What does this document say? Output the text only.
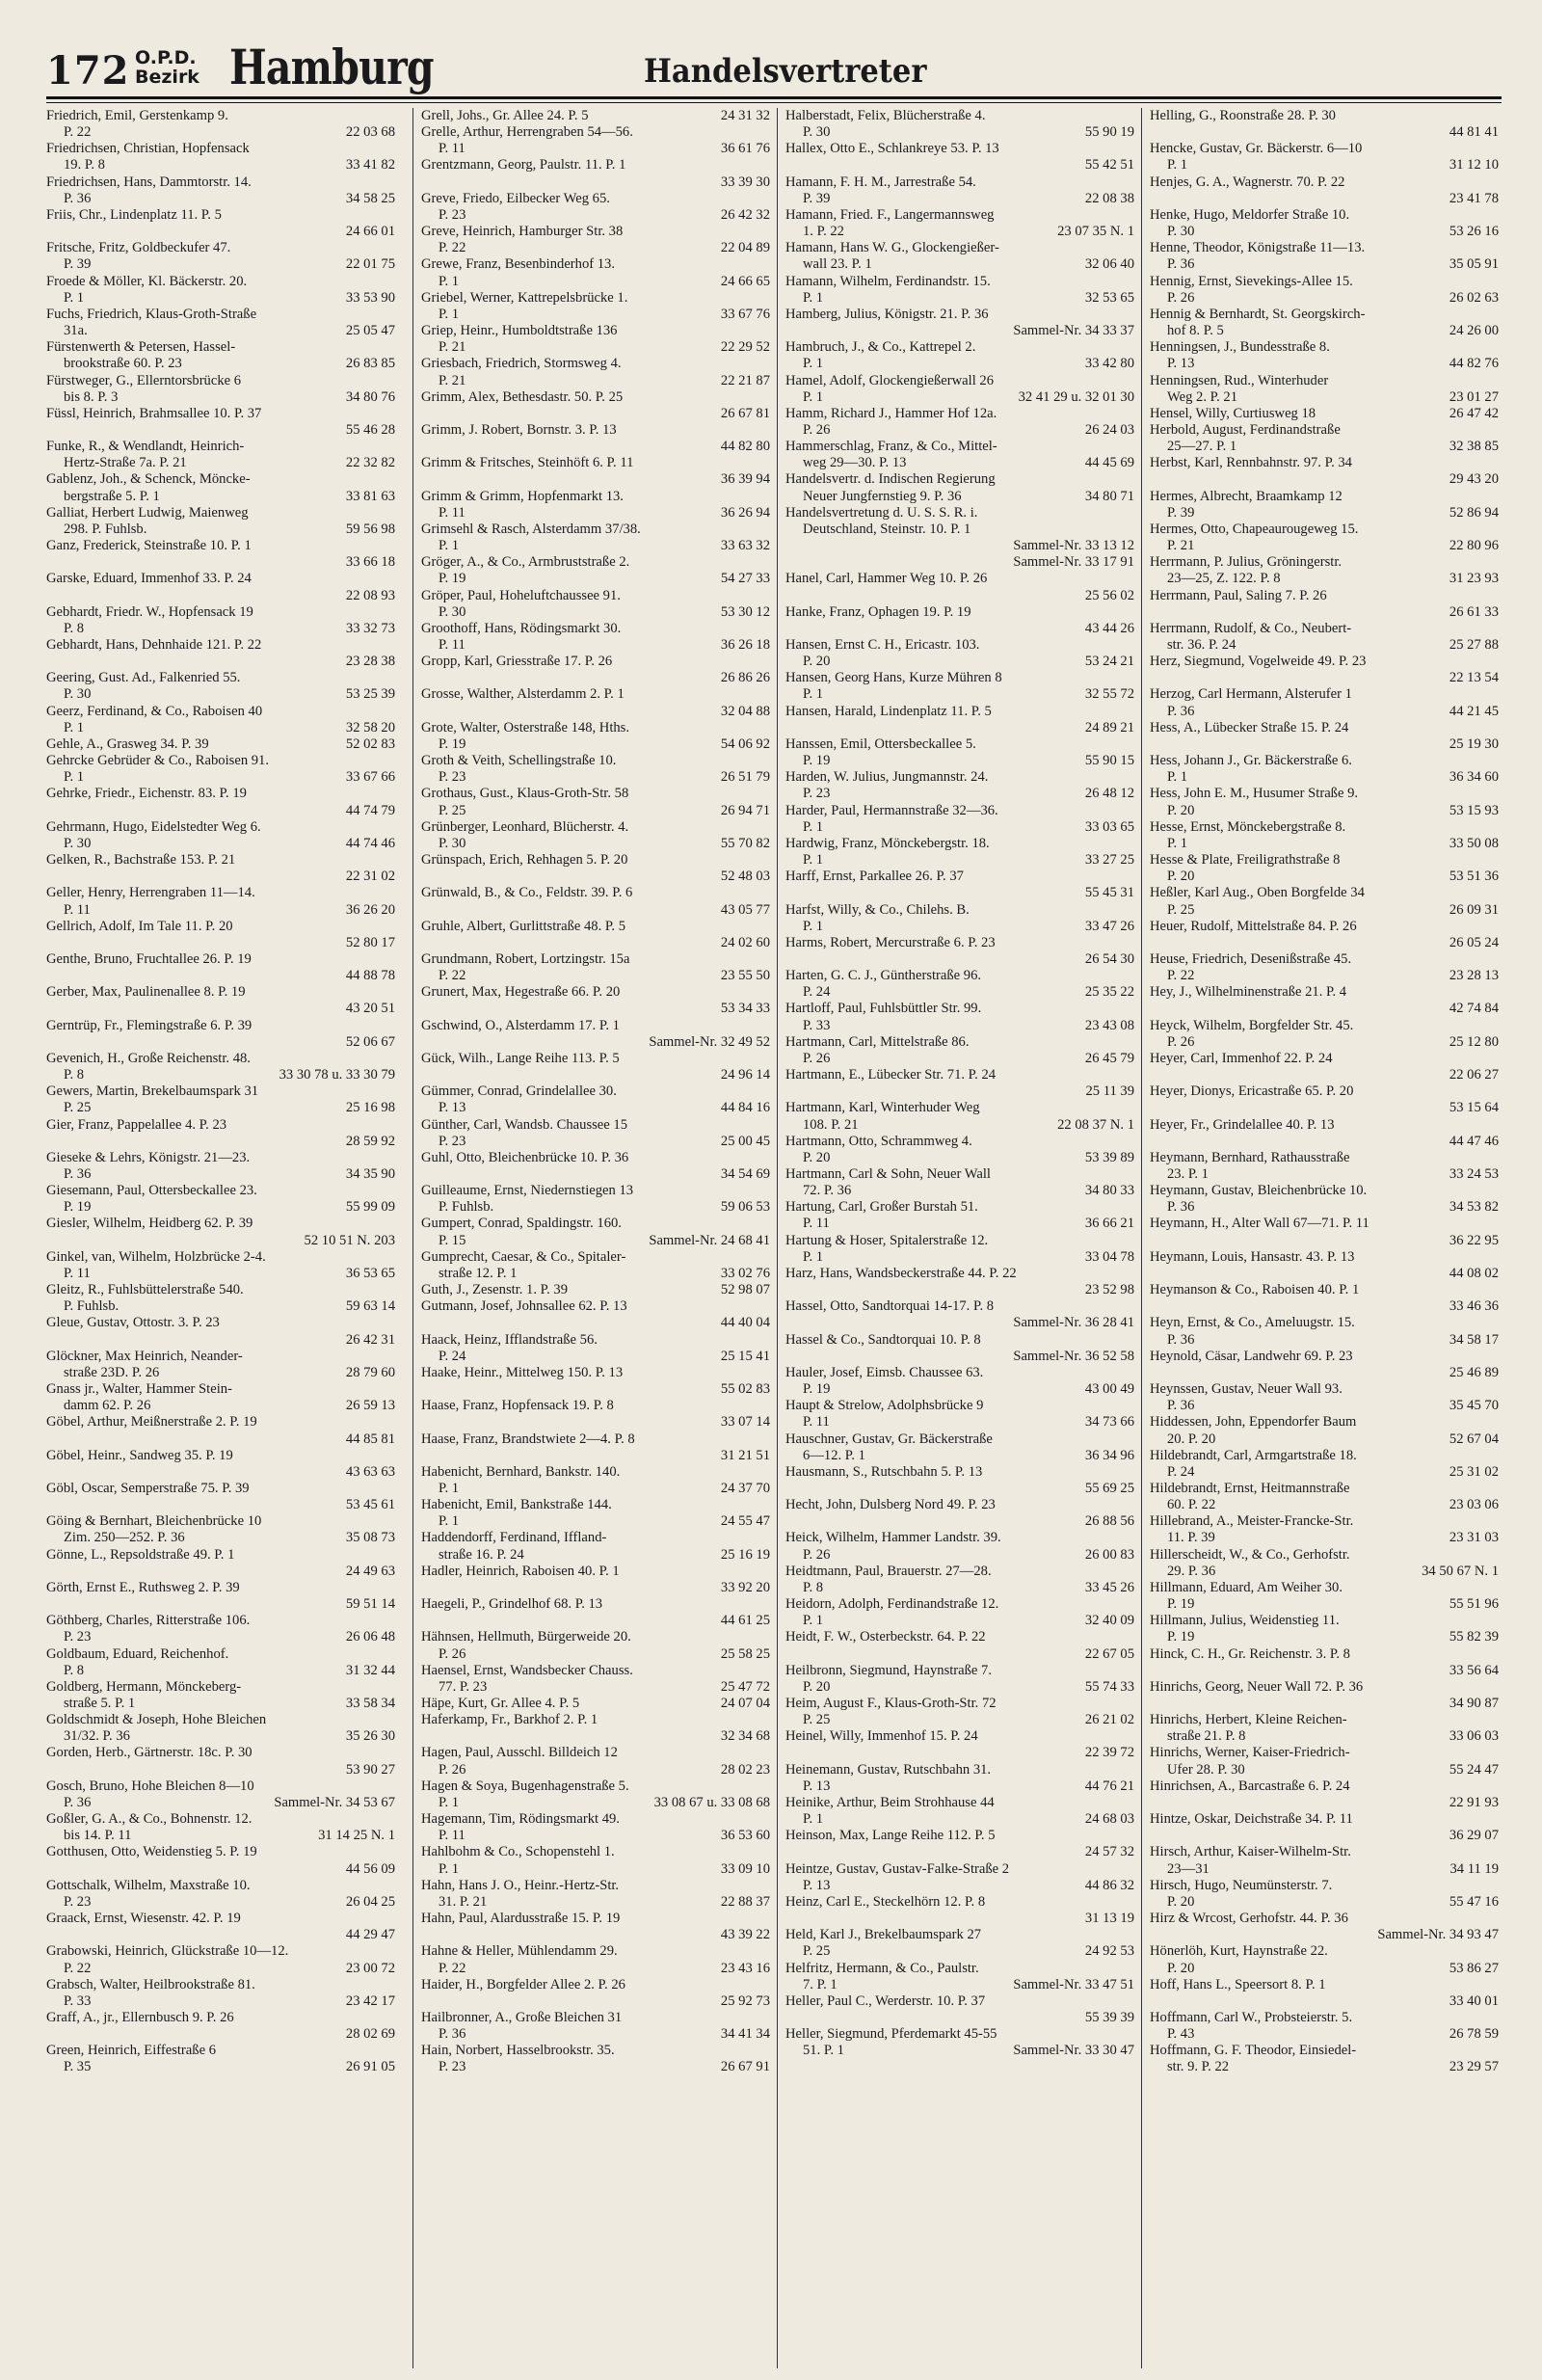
172 O.P.D.
Bezirk Hamburg	Handelsvertreter
Friedrich, Emil, Gerstenkamp 9.
P. 22	22 03 68
Friedrichsen, Christian, Hopfensack
19. P. 8	33 41 82
Friedrichsen, Hans, Dammtorstr. 14.
P. 36	34 58 25
Friis, Chr., Lindenplatz 11. P. 5
24 66 01
Fritsche, Fritz, Goldbeckufer 47.
P. 39	22 01 75
Froede & Möller, Kl. Bäckerstr. 20.
P. 1	33 53 90
Fuchs, Friedrich, Klaus-Groth-Straße
31a.	25 05 47
Fürstenwerth & Petersen, Hassel-
brookstraße 60. P. 23	26 83 85
Fürstweger, G., Ellerntorsbrücke 6
bis 8. P. 3	34 80 76
Füssl, Heinrich, Brahmsallee 10. P. 37
55 46 28
Funke, R., & Wendlandt, Heinrich-
Hertz-Straße 7a. P. 21	22 32 82
Gablenz, Joh., & Schenck, Möncke-
bergstraße 5. P. 1	33 81 63
Galliat, Herbert Ludwig, Maienweg
298. P. Fuhlsb.	59 56 98
Ganz, Frederick, Steinstraße 10. P. 1
33 66 18
Garske, Eduard, Immenhof 33. P. 24
22 08 93
Gebhardt, Friedr. W., Hopfensack 19
P. 8	33 32 73
Gebhardt, Hans, Dehnhaide 121. P. 22
23 28 38
Geering, Gust. Ad., Falkenried 55.
P. 30	53 25 39
Geerz, Ferdinand, & Co., Raboisen 40
P. 1	32 58 20
Gehle, A., Grasweg 34. P. 39	52 02 83
Gehrcke Gebrüder & Co., Raboisen 91.
P. 1	33 67 66
Gehrke, Friedr., Eichenstr. 83. P. 19
44 74 79
Gehrmann, Hugo, Eidelstedter Weg 6.
P. 30	44 74 46
Gelken, R., Bachstraße 153. P. 21
22 31 02
Geller, Henry, Herrengraben 11—14.
P. 11	36 26 20
Gellrich, Adolf, Im Tale 11. P. 20
52 80 17
Genthe, Bruno, Fruchtallee 26. P. 19
44 88 78
Gerber, Max, Paulinenallee 8. P. 19
43 20 51
Gerntrüp, Fr., Flemingstraße 6. P. 39
52 06 67
Gevenich, H., Große Reichenstr. 48.
P. 8	33 30 78 u. 33 30 79
Gewers, Martin, Brekelbaumspark 31
P. 25	25 16 98
Gier, Franz, Pappelallee 4. P. 23
28 59 92
Gieseke & Lehrs, Königstr. 21—23.
P. 36	34 35 90
Giesemann, Paul, Ottersbeckallee 23.
P. 19	55 99 09
Giesler, Wilhelm, Heidberg 62. P. 39
52 10 51 N. 203
Ginkel, van, Wilhelm, Holzbrücke 2-4.
P. 11	36 53 65
Gleitz, R., Fuhlsbüttelerstraße 540.
P. Fuhlsb.	59 63 14
Gleue, Gustav, Ottostr. 3. P. 23
26 42 31
Glöckner, Max Heinrich, Neander-
straße 23D. P. 26	28 79 60
Gnass jr., Walter, Hammer Stein-
damm 62. P. 26	26 59 13
Göbel, Arthur, Meißnerstraße 2. P. 19
44 85 81
Göbel, Heinr., Sandweg 35. P. 19
43 63 63
Göbl, Oscar, Semperstraße 75. P. 39
53 45 61
Göing & Bernhart, Bleichenbrücke 10
Zim. 250—252. P. 36	35 08 73
Gönne, L., Repsoldstraße 49. P. 1
24 49 63
Görth, Ernst E., Ruthsweg 2. P. 39
59 51 14
Göthberg, Charles, Ritterstraße 106.
P. 23	26 06 48
Goldbaum, Eduard, Reichenhof.
P. 8	31 32 44
Goldberg, Hermann, Mönckeberg-
straße 5. P. 1	33 58 34
Goldschmidt & Joseph, Hohe Bleichen
31/32. P. 36	35 26 30
Gorden, Herb., Gärtnerstr. 18c. P. 30
53 90 27
Gosch, Bruno, Hohe Bleichen 8—10
P. 36	Sammel-Nr. 34 53 67
Goßler, G. A., & Co., Bohnenstr. 12.
bis 14. P. 11	31 14 25 N. 1
Gotthusen, Otto, Weidenstieg 5. P. 19
44 56 09
Gottschalk, Wilhelm, Maxstraße 10.
P. 23	26 04 25
Graack, Ernst, Wiesenstr. 42. P. 19
44 29 47
Grabowski, Heinrich, Glückstraße 10—12.
P. 22	23 00 72
Grabsch, Walter, Heilbrookstraße 81.
P. 33	23 42 17
Graff, A., jr., Ellernbusch 9. P. 26
28 02 69
Green, Heinrich, Eiffestraße 6
P. 35	26 91 05
Grell, Johs., Gr. Allee 24. P. 5	24 31 32
Grelle, Arthur, Herrengraben 54—56.
P. 11	36 61 76
Grentzmann, Georg, Paulstr. 11. P. 1
33 39 30
Greve, Friedo, Eilbecker Weg 65.
P. 23	26 42 32
Greve, Heinrich, Hamburger Str. 38
P. 22	22 04 89
Grewe, Franz, Besenbinderhof 13.
P. 1	24 66 65
Griebel, Werner, Kattrepelsbrücke 1.
P. 1	33 67 76
Griep, Heinr., Humboldtstraße 136
P. 21	22 29 52
Griesbach, Friedrich, Stormsweg 4.
P. 21	22 21 87
Grimm, Alex, Bethesdastr. 50. P. 25
26 67 81
Grimm, J. Robert, Bornstr. 3. P. 13
44 82 80
Grimm & Fritsches, Steinhöft 6. P. 11
36 39 94
Grimm & Grimm, Hopfenmarkt 13.
P. 11	36 26 94
Grimsehl & Rasch, Alsterdamm 37/38.
P. 1	33 63 32
Gröger, A., & Co., Armbruststraße 2.
P. 19	54 27 33
Gröper, Paul, Hoheluftchaussee 91.
P. 30	53 30 12
Groothoff, Hans, Rödingsmarkt 30.
P. 11	36 26 18
Gropp, Karl, Griesstraße 17. P. 26
26 86 26
Grosse, Walther, Alsterdamm 2. P. 1
32 04 88
Grote, Walter, Osterstraße 148, Hths.
P. 19	54 06 92
Groth & Veith, Schellingstraße 10.
P. 23	26 51 79
Grothaus, Gust., Klaus-Groth-Str. 58
P. 25	26 94 71
Grünberger, Leonhard, Blücherstr. 4.
P. 30	55 70 82
Grünspach, Erich, Rehhagen 5. P. 20
52 48 03
Grünwald, B., & Co., Feldstr. 39. P. 6
43 05 77
Gruhle, Albert, Gurlittstraße 48. P. 5
24 02 60
Grundmann, Robert, Lortzingstr. 15a
P. 22	23 55 50
Grunert, Max, Hegestraße 66. P. 20
53 34 33
Gschwind, O., Alsterdamm 17. P. 1
Sammel-Nr. 32 49 52
Gück, Wilh., Lange Reihe 113. P. 5
24 96 14
Gümmer, Conrad, Grindelallee 30.
P. 13	44 84 16
Günther, Carl, Wandsb. Chaussee 15
P. 23	25 00 45
Guhl, Otto, Bleichenbrücke 10. P. 36
34 54 69
Guilleaume, Ernst, Niedernstiegen 13
P. Fuhlsb.	59 06 53
Gumpert, Conrad, Spaldingstr. 160.
P. 15	Sammel-Nr. 24 68 41
Gumprecht, Caesar, & Co., Spitaler-
straße 12. P. 1	33 02 76
Guth, J., Zesenstr. 1. P. 39	52 98 07
Gutmann, Josef, Johnsallee 62. P. 13
44 40 04
Haack, Heinz, Ifflandstraße 56.
P. 24	25 15 41
Haake, Heinr., Mittelweg 150. P. 13
55 02 83
Haase, Franz, Hopfensack 19. P. 8
33 07 14
Haase, Franz, Brandstwiete 2—4. P. 8
31 21 51
Habenicht, Bernhard, Bankstr. 140.
P. 1	24 37 70
Habenicht, Emil, Bankstraße 144.
P. 1	24 55 47
Haddendorff, Ferdinand, Iffland-
straße 16. P. 24	25 16 19
Hadler, Heinrich, Raboisen 40. P. 1
33 92 20
Haegeli, P., Grindelhof 68. P. 13
44 61 25
Hähnsen, Hellmuth, Bürgerweide 20.
P. 26	25 58 25
Haensel, Ernst, Wandsbecker Chauss.
77. P. 23	25 47 72
Häpe, Kurt, Gr. Allee 4. P. 5	24 07 04
Haferkamp, Fr., Barkhof 2. P. 1
32 34 68
Hagen, Paul, Ausschl. Billdeich 12
P. 26	28 02 23
Hagen & Soya, Bugenhagenstraße 5.
P. 1	33 08 67 u. 33 08 68
Hagemann, Tim, Rödingsmarkt 49.
P. 11	36 53 60
Hahlbohm & Co., Schopenstehl 1.
P. 1	33 09 10
Hahn, Hans J. O., Heinr.-Hertz-Str.
31. P. 21	22 88 37
Hahn, Paul, Alardusstraße 15. P. 19
43 39 22
Hahne & Heller, Mühlendamm 29.
P. 22	23 43 16
Haider, H., Borgfelder Allee 2. P. 26
25 92 73
Hailbronner, A., Große Bleichen 31
P. 36	34 41 34
Hain, Norbert, Hasselbrookstr. 35.
P. 23	26 67 91
Halberstadt, Felix, Blücherstraße 4.
P. 30	55 90 19
Hallex, Otto E., Schlankreye 53. P. 13
55 42 51
Hamann, F. H. M., Jarrestraße 54.
P. 39	22 08 38
Hamann, Fried. F., Langermannsweg
1. P. 22	23 07 35 N. 1
Hamann, Hans W. G., Glockengießer-
wall 23. P. 1	32 06 40
Hamann, Wilhelm, Ferdinandstr. 15.
P. 1	32 53 65
Hamberg, Julius, Königstr. 21. P. 36
Sammel-Nr. 34 33 37
Hambruch, J., & Co., Kattrepel 2.
P. 1	33 42 80
Hamel, Adolf, Glockengießerwall 26
P. 1	32 41 29 u. 32 01 30
Hamm, Richard J., Hammer Hof 12a.
P. 26	26 24 03
Hammerschlag, Franz, & Co., Mittel-
weg 29—30. P. 13	44 45 69
Handelsvertr. d. Indischen Regierung
Neuer Jungfernstieg 9. P. 36	34 80 71
Handelsvertretung d. U. S. S. R. i.
Deutschland, Steinstr. 10. P. 1
Sammel-Nr. 33 13 12
Sammel-Nr. 33 17 91
Hanel, Carl, Hammer Weg 10. P. 26
25 56 02
Hanke, Franz, Ophagen 19. P. 19
43 44 26
Hansen, Ernst C. H., Ericastr. 103.
P. 20	53 24 21
Hansen, Georg Hans, Kurze Mühren 8
P. 1	32 55 72
Hansen, Harald, Lindenplatz 11. P. 5
24 89 21
Hanssen, Emil, Ottersbeckallee 5.
P. 19	55 90 15
Harden, W. Julius, Jungmannstr. 24.
P. 23	26 48 12
Harder, Paul, Hermannstraße 32—36.
P. 1	33 03 65
Hardwig, Franz, Mönckebergstr. 18.
P. 1	33 27 25
Harff, Ernst, Parkallee 26. P. 37
55 45 31
Harfst, Willy, & Co., Chilehs. B.
P. 1	33 47 26
Harms, Robert, Mercurstraße 6. P. 23
26 54 30
Harten, G. C. J., Güntherstraße 96.
P. 24	25 35 22
Hartloff, Paul, Fuhlsbüttler Str. 99.
P. 33	23 43 08
Hartmann, Carl, Mittelstraße 86.
P. 26	26 45 79
Hartmann, E., Lübecker Str. 71. P. 24
25 11 39
Hartmann, Karl, Winterhuder Weg
108. P. 21	22 08 37 N. 1
Hartmann, Otto, Schrammweg 4.
P. 20	53 39 89
Hartmann, Carl & Sohn, Neuer Wall
72. P. 36	34 80 33
Hartung, Carl, Großer Burstah 51.
P. 11	36 66 21
Hartung & Hoser, Spitalerstraße 12.
P. 1	33 04 78
Harz, Hans, Wandsbeckerstraße 44. P. 22
23 52 98
Hassel, Otto, Sandtorquai 14-17. P. 8
Sammel-Nr. 36 28 41
Hassel & Co., Sandtorquai 10. P. 8
Sammel-Nr. 36 52 58
Hauler, Josef, Eimsb. Chaussee 63.
P. 19	43 00 49
Haupt & Strelow, Adolphsbrücke 9
P. 11	34 73 66
Hauschner, Gustav, Gr. Bäckerstraße
6—12. P. 1	36 34 96
Hausmann, S., Rutschbahn 5. P. 13
55 69 25
Hecht, John, Dulsberg Nord 49. P. 23
26 88 56
Heick, Wilhelm, Hammer Landstr. 39.
P. 26	26 00 83
Heidtmann, Paul, Brauerstr. 27—28.
P. 8	33 45 26
Heidorn, Adolph, Ferdinandstraße 12.
P. 1	32 40 09
Heidt, F. W., Osterbeckstr. 64. P. 22
22 67 05
Heilbronn, Siegmund, Haynstraße 7.
P. 20	55 74 33
Heim, August F., Klaus-Groth-Str. 72
P. 25	26 21 02
Heinel, Willy, Immenhof 15. P. 24
22 39 72
Heinemann, Gustav, Rutschbahn 31.
P. 13	44 76 21
Heinike, Arthur, Beim Strohhause 44
P. 1	24 68 03
Heinson, Max, Lange Reihe 112. P. 5
24 57 32
Heintze, Gustav, Gustav-Falke-Straße 2
P. 13	44 86 32
Heinz, Carl E., Steckelhörn 12. P. 8
31 13 19
Held, Karl J., Brekelbaumspark 27
P. 25	24 92 53
Helfritz, Hermann, & Co., Paulstr.
7. P. 1	Sammel-Nr. 33 47 51
Heller, Paul C., Werderstr. 10. P. 37
55 39 39
Heller, Siegmund, Pferdemarkt 45-55
51. P. 1	Sammel-Nr. 33 30 47
Helling, G., Roonstraße 28. P. 30
44 81 41
Hencke, Gustav, Gr. Bäckerstr. 6—10
P. 1	31 12 10
Henjes, G. A., Wagnerstr. 70. P. 22
23 41 78
Henke, Hugo, Meldorfer Straße 10.
P. 30	53 26 16
Henne, Theodor, Königstraße 11—13.
P. 36	35 05 91
Hennig, Ernst, Sievekings-Allee 15.
P. 26	26 02 63
Hennig & Bernhardt, St. Georgskirch-
hof 8. P. 5	24 26 00
Henningsen, J., Bundesstraße 8.
P. 13	44 82 76
Henningsen, Rud., Winterhuder
Weg 2. P. 21	23 01 27
Hensel, Willy, Curtiusweg 18	26 47 42
Herbold, August, Ferdinandstraße
25—27. P. 1	32 38 85
Herbst, Karl, Rennbahnstr. 97. P. 34
29 43 20
Hermes, Albrecht, Braamkamp 12
P. 39	52 86 94
Hermes, Otto, Chapeaurougeweg 15.
P. 21	22 80 96
Herrmann, P. Julius, Gröningerstr.
23—25, Z. 122. P. 8	31 23 93
Herrmann, Paul, Saling 7. P. 26
26 61 33
Herrmann, Rudolf, & Co., Neubert-
str. 36. P. 24	25 27 88
Herz, Siegmund, Vogelweide 49. P. 23
22 13 54
Herzog, Carl Hermann, Alsterufer 1
P. 36	44 21 45
Hess, A., Lübecker Straße 15. P. 24
25 19 30
Hess, Johann J., Gr. Bäckerstraße 6.
P. 1	36 34 60
Hess, John E. M., Husumer Straße 9.
P. 20	53 15 93
Hesse, Ernst, Mönckebergstraße 8.
P. 1	33 50 08
Hesse & Plate, Freiligrathstraße 8
P. 20	53 51 36
Heßler, Karl Aug., Oben Borgfelde 34
P. 25	26 09 31
Heuer, Rudolf, Mittelstraße 84. P. 26
26 05 24
Heuse, Friedrich, Desenißstraße 45.
P. 22	23 28 13
Hey, J., Wilhelminenstraße 21. P. 4
42 74 84
Heyck, Wilhelm, Borgfelder Str. 45.
P. 26	25 12 80
Heyer, Carl, Immenhof 22. P. 24
22 06 27
Heyer, Dionys, Ericastraße 65. P. 20
53 15 64
Heyer, Fr., Grindelallee 40. P. 13
44 47 46
Heymann, Bernhard, Rathausstraße
23. P. 1	33 24 53
Heymann, Gustav, Bleichenbrücke 10.
P. 36	34 53 82
Heymann, H., Alter Wall 67—71. P. 11
36 22 95
Heymann, Louis, Hansastr. 43. P. 13
44 08 02
Heymanson & Co., Raboisen 40. P. 1
33 46 36
Heyn, Ernst, & Co., Ameluugstr. 15.
P. 36	34 58 17
Heynold, Cäsar, Landwehr 69. P. 23
25 46 89
Heynssen, Gustav, Neuer Wall 93.
P. 36	35 45 70
Hiddessen, John, Eppendorfer Baum
20. P. 20	52 67 04
Hildebrandt, Carl, Armgartstraße 18.
P. 24	25 31 02
Hildebrandt, Ernst, Heitmannstraße
60. P. 22	23 03 06
Hillebrand, A., Meister-Francke-Str.
11. P. 39	23 31 03
Hillerscheidt, W., & Co., Gerhofstr.
29. P. 36	34 50 67 N. 1
Hillmann, Eduard, Am Weiher 30.
P. 19	55 51 96
Hillmann, Julius, Weidenstieg 11.
P. 19	55 82 39
Hinck, C. H., Gr. Reichenstr. 3. P. 8
33 56 64
Hinrichs, Georg, Neuer Wall 72. P. 36
34 90 87
Hinrichs, Herbert, Kleine Reichen-
straße 21. P. 8	33 06 03
Hinrichs, Werner, Kaiser-Friedrich-
Ufer 28. P. 30	55 24 47
Hinrichsen, A., Barcastraße 6. P. 24
22 91 93
Hintze, Oskar, Deichstraße 34. P. 11
36 29 07
Hirsch, Arthur, Kaiser-Wilhelm-Str.
23—31	34 11 19
Hirsch, Hugo, Neumünsterstr. 7.
P. 20	55 47 16
Hirz & Wrcost, Gerhofstr. 44. P. 36
Sammel-Nr. 34 93 47
Hönerlöh, Kurt, Haynstraße 22.
P. 20	53 86 27
Hoff, Hans L., Speersort 8. P. 1
33 40 01
Hoffmann, Carl W., Probsteierstr. 5.
P. 43	26 78 59
Hoffmann, G. F. Theodor, Einsiedel-
str. 9. P. 22	23 29 57
